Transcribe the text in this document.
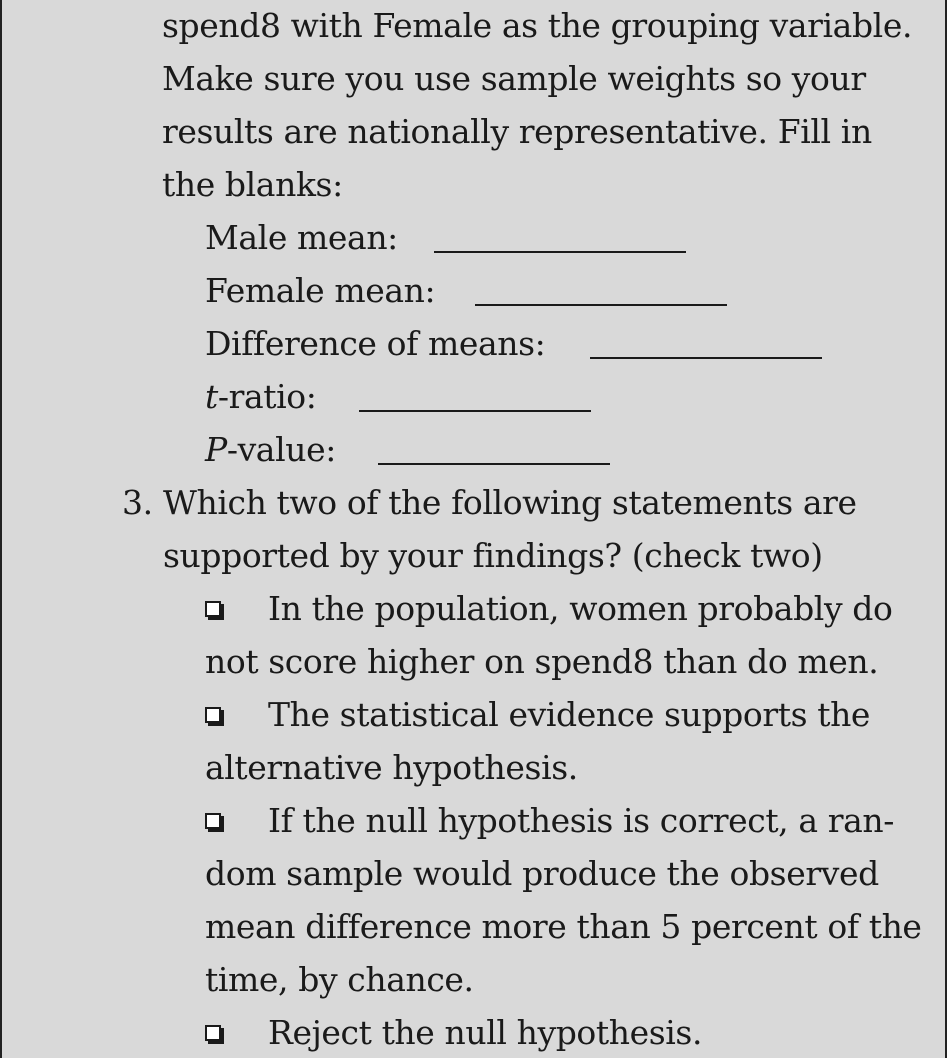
spend8 with Female as the grouping variable.
Make sure you use sample weights so your
results are nationally representative. Fill in
the blanks:
Male mean:
Female mean:
Difference of means:
t-ratio:
P-value:
3. Which two of the following statements are
supported by your findings? (check two)
In the population, women probably do
not score higher on spend8 than do men.
The statistical evidence supports the
alternative hypothesis.
If the null hypothesis is correct, a ran-
dom sample would produce the observed
mean difference more than 5 percent of the
time, by chance.
Reject the null hypothesis.
